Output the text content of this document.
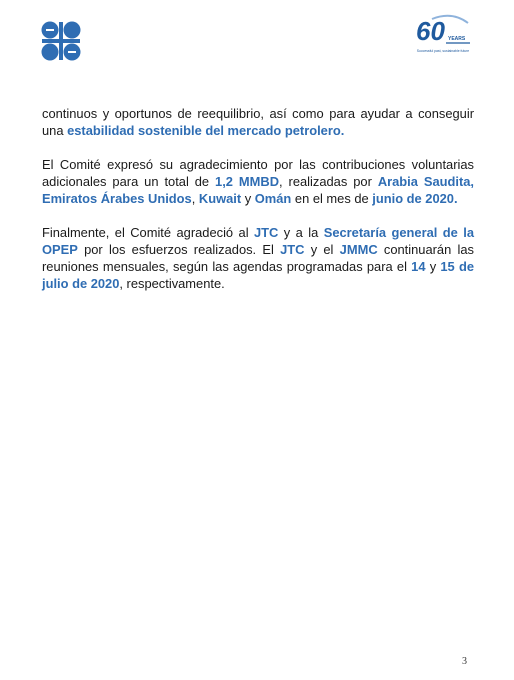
60 YEARS
Successful past, sustainable future

continuos y oportunos de reequilibrio, así como para ayudar a conseguir una estabilidad sostenible del mercado petrolero.

El Comité expresó su agradecimiento por las contribuciones voluntarias adicionales para un total de 1,2 MMBD, realizadas por Arabia Saudita, Emiratos Árabes Unidos, Kuwait y Omán en el mes de junio de 2020.

Finalmente, el Comité agradeció al JTC y a la Secretaría general de la OPEP por los esfuerzos realizados. El JTC y el JMMC continuarán las reuniones mensuales, según las agendas programadas para el 14 y 15 de julio de 2020, respectivamente.

3
